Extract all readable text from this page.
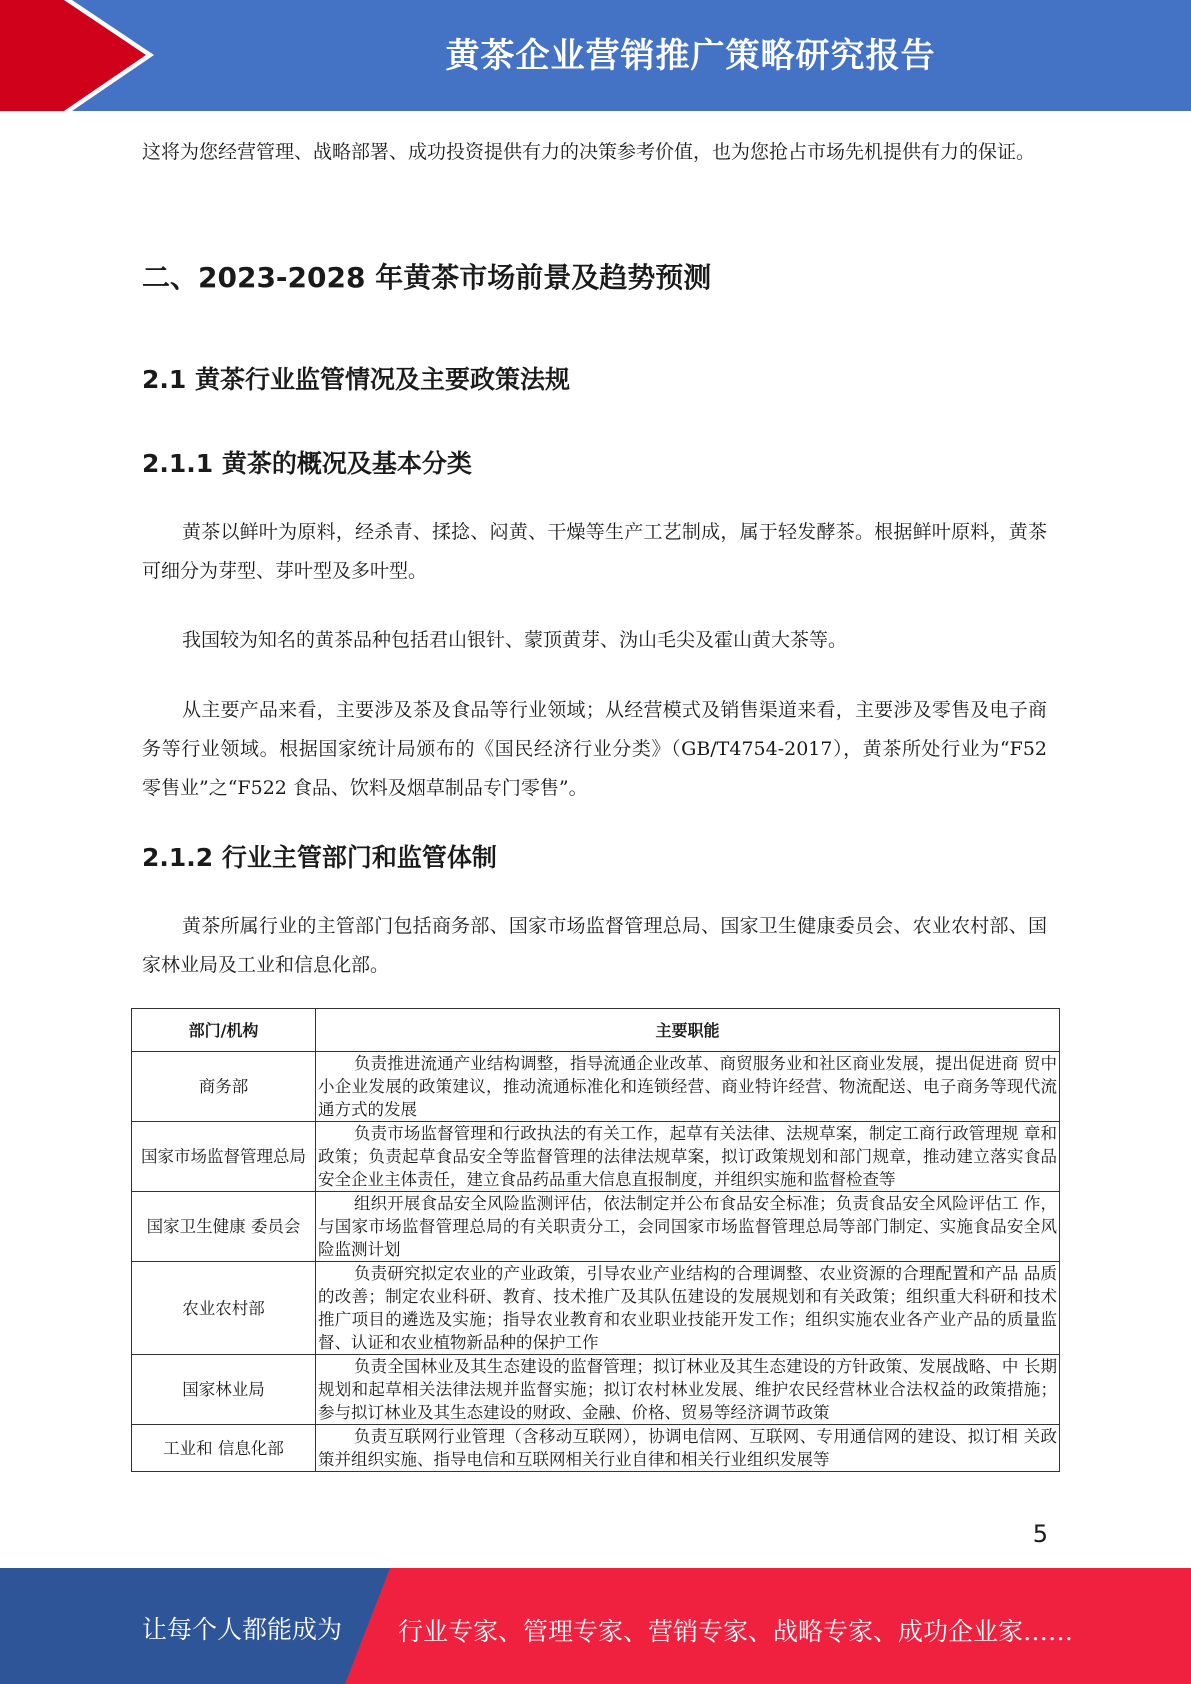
黄茶企业营销推广策略研究报告

这将为您经营管理、战略部署、成功投资提供有力的决策参考价值，也为您抢占市场先机提供有力的保证。

二、2023-2028 年黄茶市场前景及趋势预测
2.1 黄茶行业监管情况及主要政策法规
2.1.1 黄茶的概况及基本分类

黄茶以鲜叶为原料，经杀青、揉捻、闷黄、干燥等生产工艺制成，属于轻发酵茶。根据鲜叶原料，黄茶可细分为芽型、芽叶型及多叶型。

我国较为知名的黄茶品种包括君山银针、蒙顶黄芽、沩山毛尖及霍山黄大茶等。

从主要产品来看，主要涉及茶及食品等行业领域；从经营模式及销售渠道来看，主要涉及零售及电子商务等行业领域。根据国家统计局颁布的《国民经济行业分类》（GB/T4754-2017），黄茶所处行业为“F52 零售业”之“F522 食品、饮料及烟草制品专门零售”。

2.1.2 行业主管部门和监管体制

黄茶所属行业的主管部门包括商务部、国家市场监督管理总局、国家卫生健康委员会、农业农村部、国家林业局及工业和信息化部。

部门/机构	主要职能
商务部	负责推进流通产业结构调整，指导流通企业改革、商贸服务业和社区商业发展，提出促进商 贸中小企业发展的政策建议，推动流通标准化和连锁经营、商业特许经营、物流配送、电子商务等现代流通方式的发展
国家市场监督管理总局	负责市场监督管理和行政执法的有关工作，起草有关法律、法规草案，制定工商行政管理规 章和政策；负责起草食品安全等监督管理的法律法规草案，拟订政策规划和部门规章，推动建立落实食品安全企业主体责任，建立食品药品重大信息直报制度，并组织实施和监督检查等
国家卫生健康 委员会	组织开展食品安全风险监测评估，依法制定并公布食品安全标准；负责食品安全风险评估工 作，与国家市场监督管理总局的有关职责分工，会同国家市场监督管理总局等部门制定、实施食品安全风险监测计划
农业农村部	负责研究拟定农业的产业政策，引导农业产业结构的合理调整、农业资源的合理配置和产品 品质的改善；制定农业科研、教育、技术推广及其队伍建设的发展规划和有关政策；组织重大科研和技术推广项目的遴选及实施；指导农业教育和农业职业技能开发工作；组织实施农业各产业产品的质量监督、认证和农业植物新品种的保护工作
国家林业局	负责全国林业及其生态建设的监督管理；拟订林业及其生态建设的方针政策、发展战略、中 长期规划和起草相关法律法规并监督实施；拟订农村林业发展、维护农民经营林业合法权益的政策措施；参与拟订林业及其生态建设的财政、金融、价格、贸易等经济调节政策
工业和 信息化部	负责互联网行业管理（含移动互联网），协调电信网、互联网、专用通信网的建设、拟订相 关政策并组织实施、指导电信和互联网相关行业自律和相关行业组织发展等
5
让每个人都能成为 行业专家、管理专家、营销专家、战略专家、成功企业家……
